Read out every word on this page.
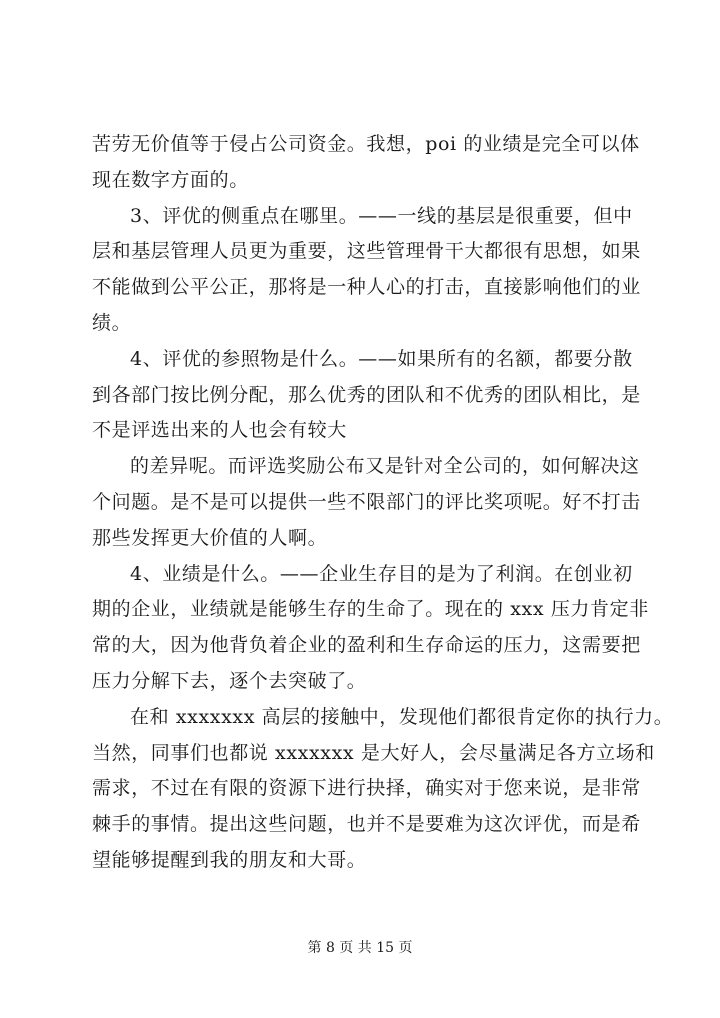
苦劳无价值等于侵占公司资金。我想，poi 的业绩是完全可以体
现在数字方面的。
3、评优的侧重点在哪里。——一线的基层是很重要，但中
层和基层管理人员更为重要，这些管理骨干大都很有思想，如果
不能做到公平公正，那将是一种人心的打击，直接影响他们的业
绩。
4、评优的参照物是什么。——如果所有的名额，都要分散
到各部门按比例分配，那么优秀的团队和不优秀的团队相比，是
不是评选出来的人也会有较大
的差异呢。而评选奖励公布又是针对全公司的，如何解决这
个问题。是不是可以提供一些不限部门的评比奖项呢。好不打击
那些发挥更大价值的人啊。
4、业绩是什么。——企业生存目的是为了利润。在创业初
期的企业，业绩就是能够生存的生命了。现在的 xxx 压力肯定非
常的大，因为他背负着企业的盈利和生存命运的压力，这需要把
压力分解下去，逐个去突破了。
在和 xxxxxxx 高层的接触中，发现他们都很肯定你的执行力。
当然，同事们也都说 xxxxxxx 是大好人，会尽量满足各方立场和
需求，不过在有限的资源下进行抉择，确实对于您来说，是非常
棘手的事情。提出这些问题，也并不是要难为这次评优，而是希
望能够提醒到我的朋友和大哥。
第 8 页 共 15 页
